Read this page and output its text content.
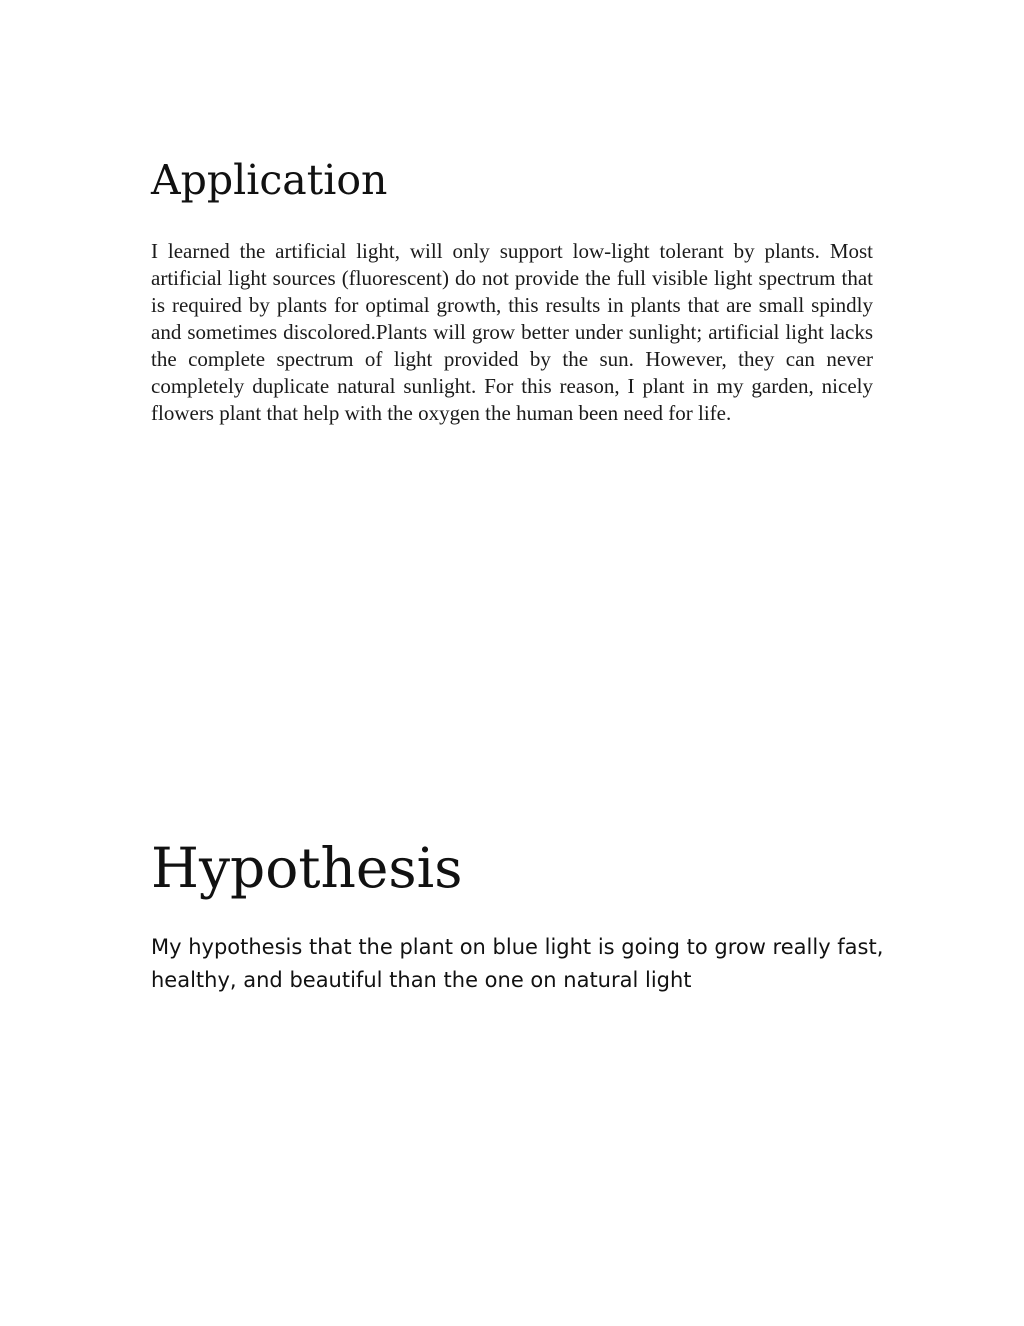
Application

I learned the artificial light, will only support low-light tolerant by plants. Most artificial light sources (fluorescent) do not provide the full visible light spectrum that is required by plants for optimal growth, this results in plants that are small spindly and sometimes discolored.Plants will grow better under sunlight; artificial light lacks the complete spectrum of light provided by the sun. However, they can never completely duplicate natural sunlight. For this reason, I plant in my garden, nicely flowers plant that help with the oxygen the human been need for life.

Hypothesis

My hypothesis that the plant on blue light is going to grow really fast, healthy, and beautiful than the one on natural light
